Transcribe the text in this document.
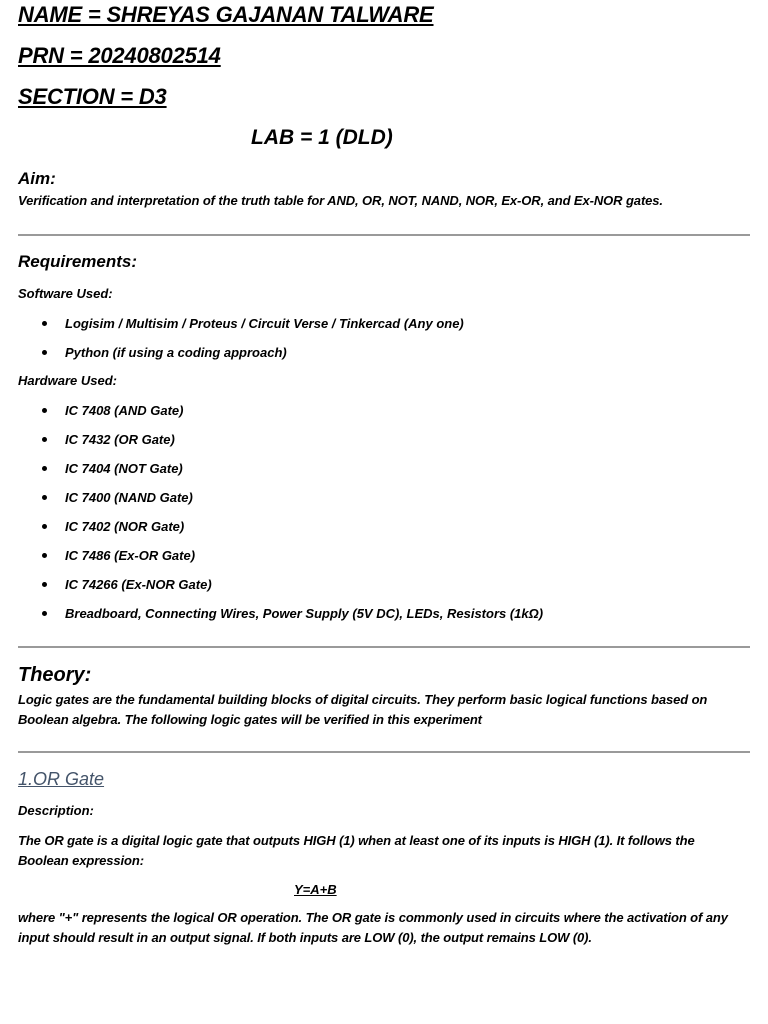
NAME = SHREYAS GAJANAN TALWARE
PRN = 20240802514
SECTION = D3
LAB = 1 (DLD)
Aim:

Verification and interpretation of the truth table for AND, OR, NOT, NAND, NOR, Ex-OR, and Ex-NOR gates.

Requirements:

Software Used:

Logisim / Multisim / Proteus / Circuit Verse / Tinkercad (Any one)
Python (if using a coding approach)

Hardware Used:

IC 7408 (AND Gate)
IC 7432 (OR Gate)
IC 7404 (NOT Gate)
IC 7400 (NAND Gate)
IC 7402 (NOR Gate)
IC 7486 (Ex-OR Gate)
IC 74266 (Ex-NOR Gate)
Breadboard, Connecting Wires, Power Supply (5V DC), LEDs, Resistors (1kΩ)
Theory:

Logic gates are the fundamental building blocks of digital circuits. They perform basic logical functions based on Boolean algebra. The following logic gates will be verified in this experiment

1.OR Gate

Description:

The OR gate is a digital logic gate that outputs HIGH (1) when at least one of its inputs is HIGH (1). It follows the Boolean expression:

Y=A+B

where "+" represents the logical OR operation. The OR gate is commonly used in circuits where the activation of any input should result in an output signal. If both inputs are LOW (0), the output remains LOW (0).
